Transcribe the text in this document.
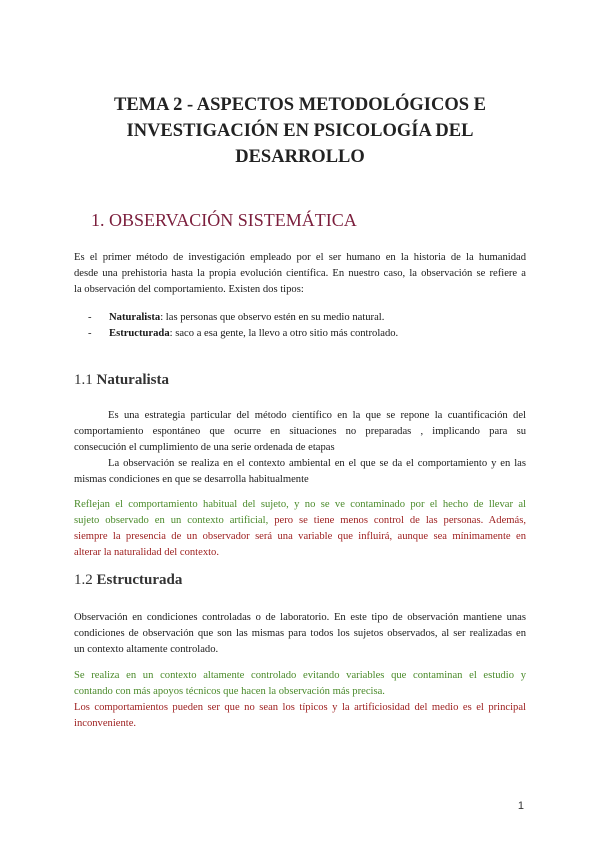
TEMA 2 - ASPECTOS METODOLÓGICOS E
INVESTIGACIÓN EN PSICOLOGÍA DEL
DESARROLLO
1. OBSERVACIÓN SISTEMÁTICA
Es el primer método de investigación empleado por el ser humano en la historia de la humanidad
desde una prehistoria hasta la propia evolución científica. En nuestro caso, la observación se refiere a
la observación del comportamiento. Existen dos tipos:
- Naturalista: las personas que observo estén en su medio natural.
- Estructurada: saco a esa gente, la llevo a otro sitio más controlado.
1.1 Naturalista
Es una estrategia particular del método científico en la que se repone la cuantificación del
comportamiento espontáneo que ocurre en situaciones no preparadas , implicando para su
consecución el cumplimiento de una serie ordenada de etapas
La observación se realiza en el contexto ambiental en el que se da el comportamiento y en las
mismas condiciones en que se desarrolla habitualmente
Reflejan el comportamiento habitual del sujeto, y no se ve contaminado por el hecho de llevar al
sujeto observado en un contexto artificial, pero se tiene menos control de las personas. Además,
siempre la presencia de un observador será una variable que influirá, aunque sea mínimamente en
alterar la naturalidad del contexto.
1.2 Estructurada
Observación en condiciones controladas o de laboratorio. En este tipo de observación mantiene unas
condiciones de observación que son las mismas para todos los sujetos observados, al ser realizadas en
un contexto altamente controlado.
Se realiza en un contexto altamente controlado evitando variables que contaminan el estudio y
contando con más apoyos técnicos que hacen la observación más precisa.
Los comportamientos pueden ser que no sean los típicos y la artificiosidad del medio es el principal
inconveniente.
1
